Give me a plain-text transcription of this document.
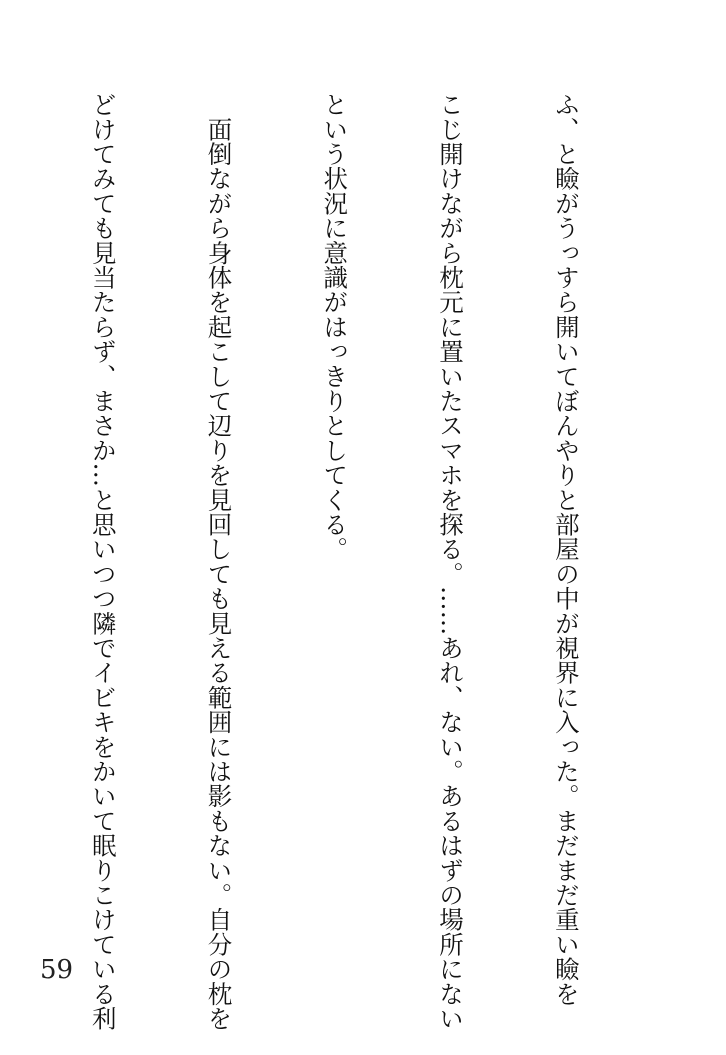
ふ、と瞼がうっすら開いてぼんやりと部屋の中が視界に入った。まだまだ重い瞼を

こじ開けながら枕元に置いたスマホを探る。……あれ、ない。あるはずの場所にない

という状況に意識がはっきりとしてくる。

　面倒ながら身体を起こして辺りを見回しても見える範囲には影もない。自分の枕を

どけてみても見当たらず、まさか…と思いつつ隣でイビキをかいて眠りこけている利

59
